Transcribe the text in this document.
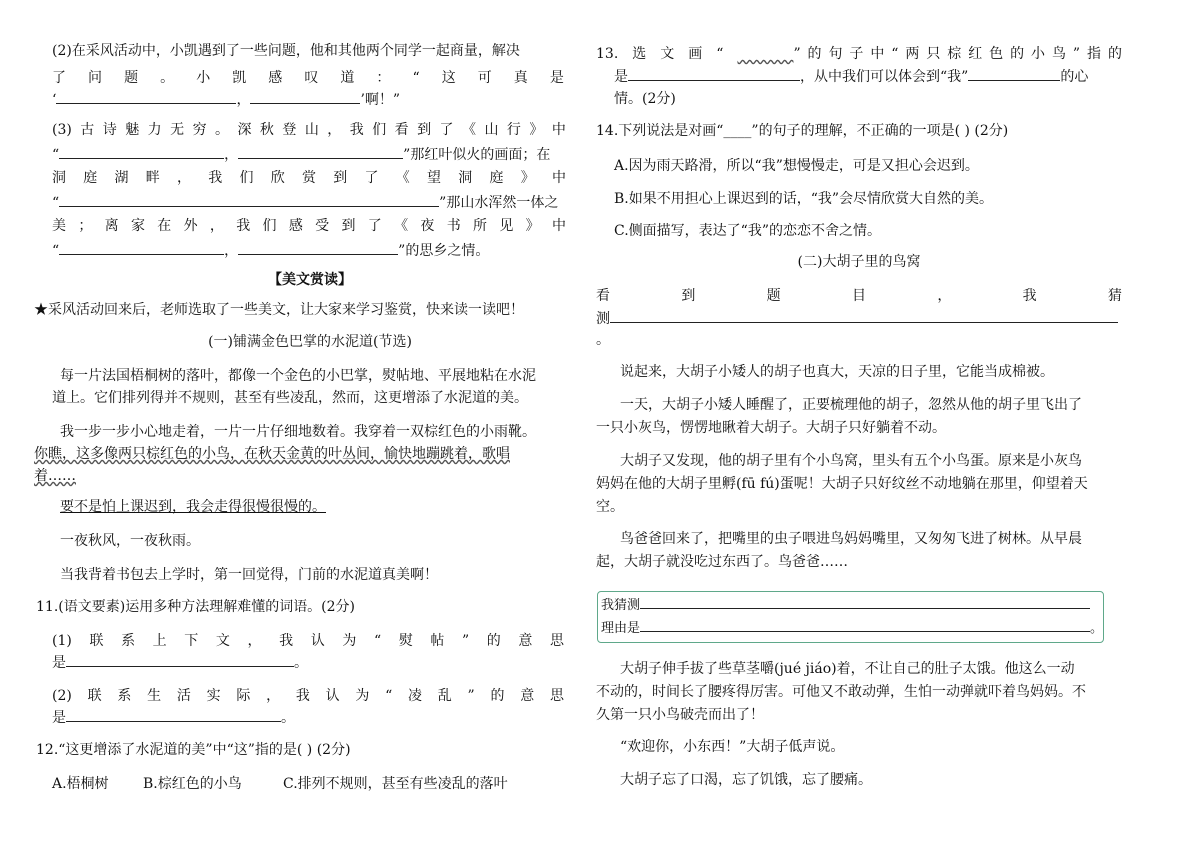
(2)在采风活动中，小凯遇到了一些问题，他和其他两个同学一起商量，解决
了 问 题 。 小 凯 感 叹 道 ： “ 这 可 真 是
‘	，	’啊！”
(3) 古 诗 魅 力 无 穷 。 深 秋 登 山 ， 我 们 看 到 了 《 山 行 》 中
“	，	”那红叶似火的画面；在
洞 庭 湖 畔 ， 我 们 欣 赏 到 了 《 望 洞 庭 》 中
“	”那山水浑然一体之
美 ； 离 家 在 外 ， 我 们 感 受 到 了 《 夜 书 所 见 》 中
“	，	”的思乡之情。
【美文赏读】
★采风活动回来后，老师选取了一些美文，让大家来学习鉴赏，快来读一读吧！
(一)铺满金色巴掌的水泥道(节选)
每一片法国梧桐树的落叶，都像一个金色的小巴掌，熨帖地、平展地粘在水泥
道上。它们排列得并不规则，甚至有些凌乱，然而，这更增添了水泥道的美。
我一步一步小心地走着，一片一片仔细地数着。我穿着一双棕红色的小雨靴。
你瞧，这多像两只棕红色的小鸟，在秋天金黄的叶丛间，愉快地蹦跳着，歌唱
着……
要不是怕上课迟到，我会走得很慢很慢的。
一夜秋风，一夜秋雨。
当我背着书包去上学时，第一回觉得，门前的水泥道真美啊！
11.(语文要素)运用多种方法理解难懂的词语。(2分)
(1) 联 系 上 下 文 ， 我 认 为 “ 熨 帖 ” 的 意 思
是	。
(2) 联 系 生 活 实 际 ， 我 认 为 “ 凌 乱 ” 的 意 思
是	。
12.“这更增添了水泥道的美”中“这”指的是( ) (2分)
A.梧桐树 B.棕红色的小鸟	C.排列不规则，甚至有些凌乱的落叶
13. 选 文 画 “
　　　　	” 的 句 子 中 “ 两 只 棕 红 色 的 小 鸟 ” 指 的
是	，从中我们可以体会到“我”	的心
情。(2分)
14.下列说法是对画“____”的句子的理解，不正确的一项是( ) (2分)
A.因为雨天路滑，所以“我”想慢慢走，可是又担心会迟到。
B.如果不用担心上课迟到的话，“我”会尽情欣赏大自然的美。
C.侧面描写，表达了“我”的恋恋不舍之情。
(二)大胡子里的鸟窝
看	到	题	目	，	我	猜
测
。
说起来，大胡子小矮人的胡子也真大，天凉的日子里，它能当成棉被。
一天，大胡子小矮人睡醒了，正要梳理他的胡子，忽然从他的胡子里飞出了
一只小灰鸟，愣愣地瞅着大胡子。大胡子只好躺着不动。
大胡子又发现，他的胡子里有个小鸟窝，里头有五个小鸟蛋。原来是小灰鸟
妈妈在他的大胡子里孵(fū fú)蛋呢！大胡子只好纹丝不动地躺在那里，仰望着天
空。
鸟爸爸回来了，把嘴里的虫子喂进鸟妈妈嘴里，又匆匆飞进了树林。从早晨
起，大胡子就没吃过东西了。鸟爸爸……
大胡子伸手拔了些草茎嚼(jué jiáo)着，不让自己的肚子太饿。他这么一动
不动的，时间长了腰疼得厉害。可他又不敢动弹，生怕一动弹就吓着鸟妈妈。不
久第一只小鸟破壳而出了！
“欢迎你，小东西！”大胡子低声说。
大胡子忘了口渴，忘了饥饿，忘了腰痛。
我猜测
理由是	。
